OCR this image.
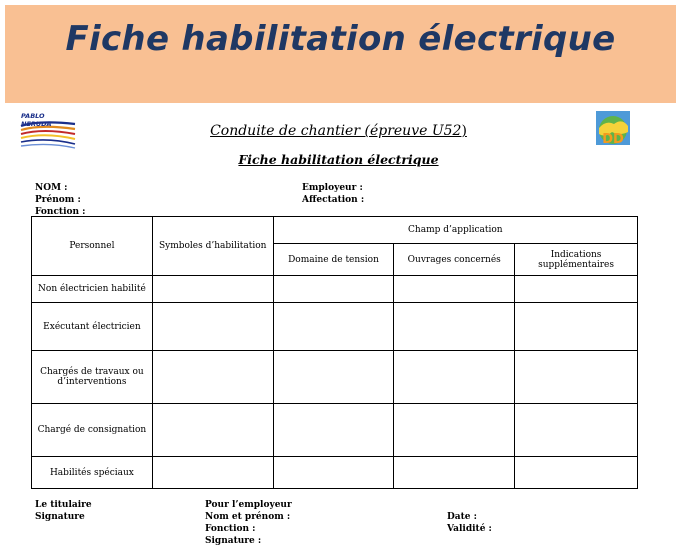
Fiche habilitation électrique
PABLO NERUDA
DD
Conduite de chantier (épreuve U52)
Fiche habilitation électrique
NOM :
Prénom :
Fonction :
Employeur :
Affectation :
Personnel	Symboles d’habilitation	Champ d’application		
		Domaine de tension	Ouvrages concernés	Indications supplémentaires
Non électricien habilité				
Exécutant électricien				
Chargés de travaux ou d’interventions				
Chargé de consignation				
Habilités spéciaux				
Le titulaire
Signature
Pour l’employeur
Nom et prénom :
Fonction :
Signature :
Date :
Validité :
